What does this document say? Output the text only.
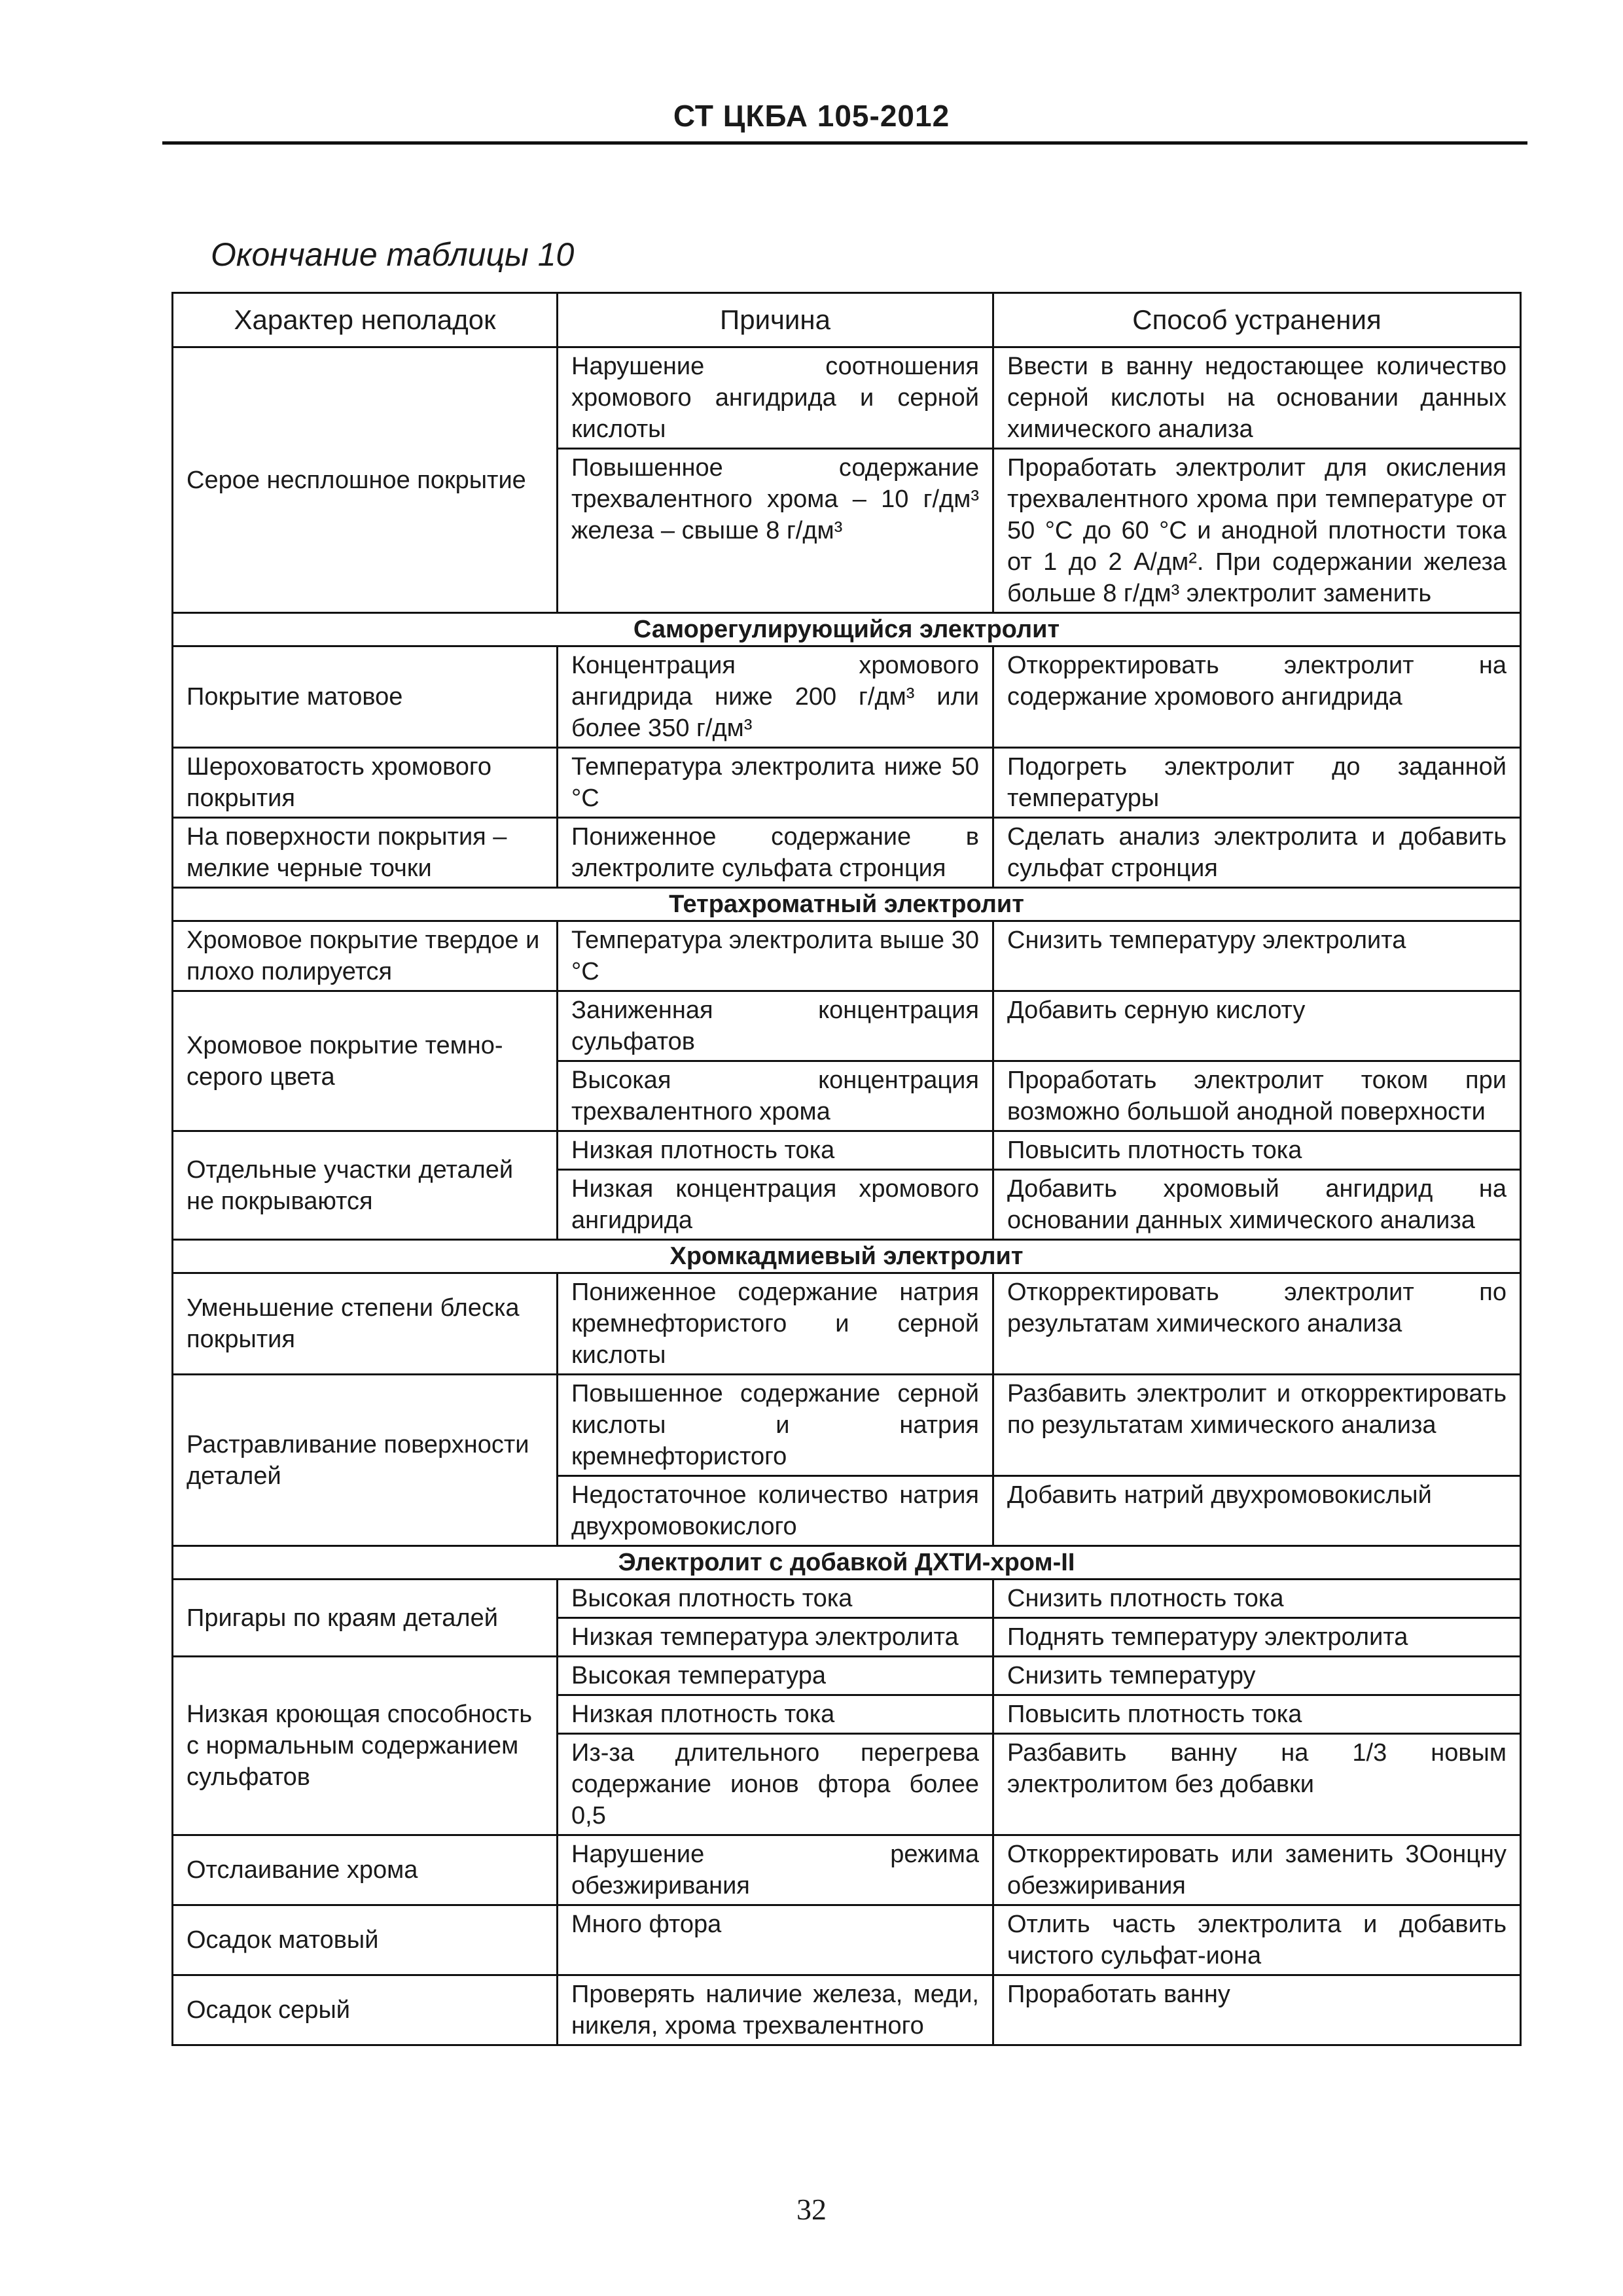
СТ ЦКБА 105-2012
Окончание таблицы 10
Характер неполадок	Причина	Способ устранения
Серое несплошное покрытие	Нарушение соотношения хромового ангидрида и серной кислоты	Ввести в ванну недостающее количество серной кислоты на основании данных химического анализа
	Повышенное содержание трехвалентного хрома – 10 г/дм³ железа – свыше 8 г/дм³	Проработать электролит для окисления трехвалентного хрома при температуре от 50 °С до 60 °С и анодной плотности тока от 1 до 2 А/дм². При содержании железа больше 8 г/дм³ электролит заменить
Саморегулирующийся электролит		
Покрытие матовое	Концентрация хромового ангидрида ниже 200 г/дм³ или более 350 г/дм³	Откорректировать электролит на содержание хромового ангидрида
Шероховатость хромового покрытия	Температура электролита ниже 50 °С	Подогреть электролит до заданной температуры
На поверхности покрытия – мелкие черные точки	Пониженное содержание в электролите сульфата стронция	Сделать анализ электролита и добавить сульфат стронция
Тетрахроматный электролит		
Хромовое покрытие твердое и плохо полируется	Температура электролита выше 30 °С	Снизить температуру электролита
Хромовое покрытие темно-серого цвета	Заниженная концентрация сульфатов	Добавить серную кислоту
	Высокая концентрация трехвалентного хрома	Проработать электролит током при возможно большой анодной поверхности
Отдельные участки деталей не покрываются	Низкая плотность тока	Повысить плотность тока
	Низкая концентрация хромового ангидрида	Добавить хромовый ангидрид на основании данных химического анализа
Хромкадмиевый электролит		
Уменьшение степени блеска покрытия	Пониженное содержание натрия кремнефтористого и серной кислоты	Откорректировать электролит по результатам химического анализа
Растравливание поверхности деталей	Повышенное содержание серной кислоты и натрия кремнефтористого	Разбавить электролит и откорректировать по результатам химического анализа
	Недостаточное количество натрия двухромовокислого	Добавить натрий двухромовокислый
Электролит с добавкой ДХТИ-хром-II		
Пригары по краям деталей	Высокая плотность тока	Снизить плотность тока
	Низкая температура электролита	Поднять температуру электролита
Низкая кроющая способность с нормальным содержанием сульфатов	Высокая температура	Снизить температуру
	Низкая плотность тока	Повысить плотность тока
	Из-за длительного перегрева содержание ионов фтора более 0,5	Разбавить ванну на 1/3 новым электролитом без добавки
Отслаивание хрома	Нарушение режима обезжиривания	Откорректировать или заменить 3Oонцну обезжиривания
Осадок матовый	Много фтора	Отлить часть электролита и добавить чистого сульфат-иона
Осадок серый	Проверять наличие железа, меди, никеля, хрома трехвалентного	Проработать ванну
32
